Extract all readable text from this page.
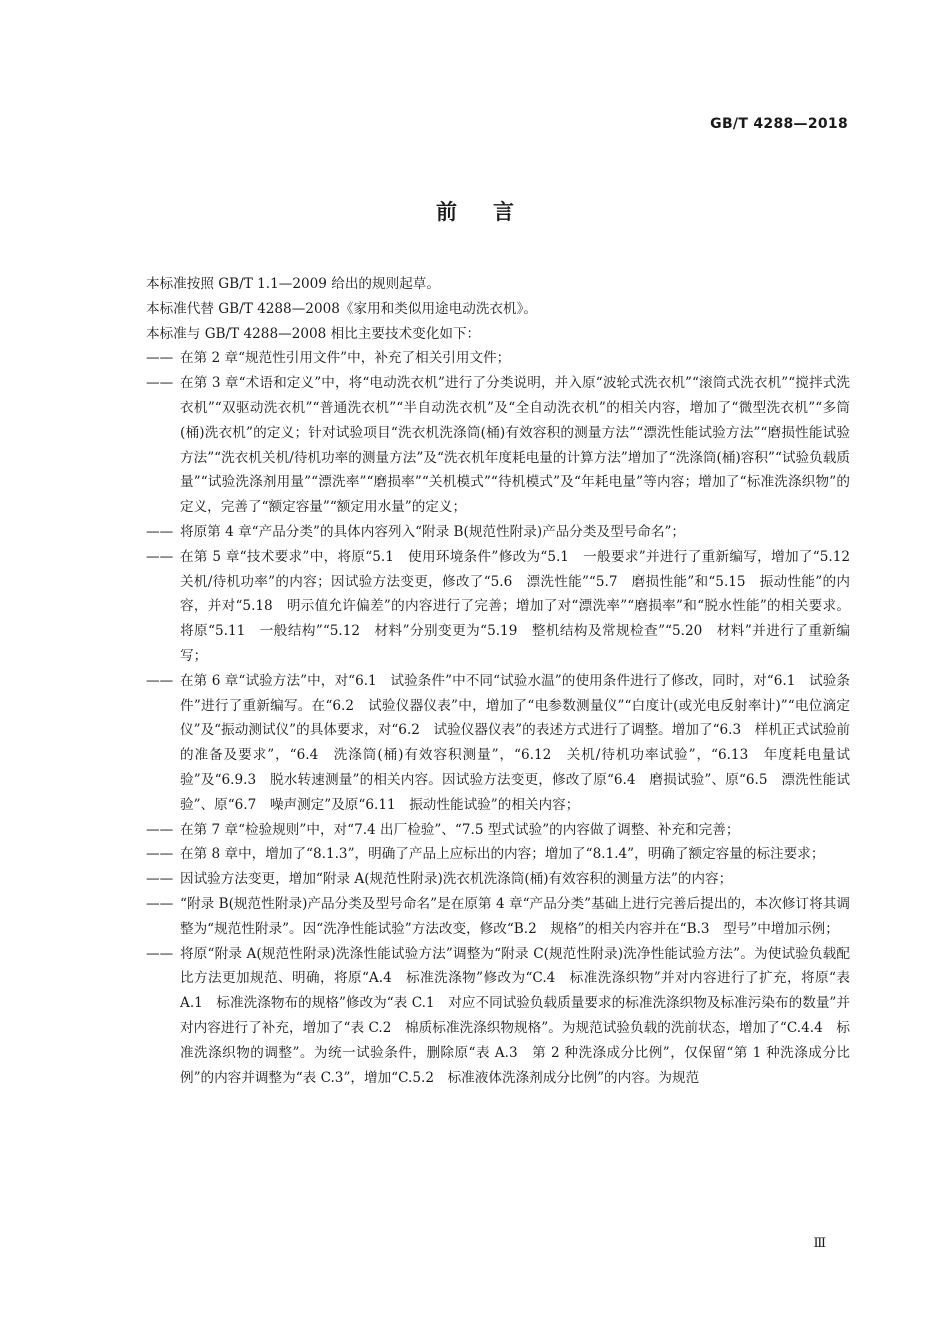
GB/T 4288—2018
前言

本标准按照 GB/T 1.1—2009 给出的规则起草。

本标准代替 GB/T 4288—2008《家用和类似用途电动洗衣机》。

本标准与 GB/T 4288—2008 相比主要技术变化如下：

—— 在第 2 章“规范性引用文件”中，补充了相关引用文件；
—— 在第 3 章“术语和定义”中，将“电动洗衣机”进行了分类说明，并入原“波轮式洗衣机”“滚筒式洗衣机”“搅拌式洗衣机”“双驱动洗衣机”“普通洗衣机”“半自动洗衣机”及“全自动洗衣机”的相关内容，增加了“微型洗衣机”“多筒(桶)洗衣机”的定义；针对试验项目“洗衣机洗涤筒(桶)有效容积的测量方法”“漂洗性能试验方法”“磨损性能试验方法”“洗衣机关机/待机功率的测量方法”及“洗衣机年度耗电量的计算方法”增加了“洗涤筒(桶)容积”“试验负载质量”“试验洗涤剂用量”“漂洗率”“磨损率”“关机模式”“待机模式”及“年耗电量”等内容；增加了“标准洗涤织物”的定义，完善了“额定容量”“额定用水量”的定义；
—— 将原第 4 章“产品分类”的具体内容列入“附录 B(规范性附录)产品分类及型号命名”；
—— 在第 5 章“技术要求”中，将原“5.1　使用环境条件”修改为“5.1　一般要求”并进行了重新编写，增加了“5.12　关机/待机功率”的内容；因试验方法变更，修改了“5.6　漂洗性能”“5.7　磨损性能”和“5.15　振动性能”的内容，并对“5.18　明示值允许偏差”的内容进行了完善；增加了对“漂洗率”“磨损率”和“脱水性能”的相关要求。将原“5.11　一般结构”“5.12　材料”分别变更为“5.19　整机结构及常规检查”“5.20　材料”并进行了重新编写；
—— 在第 6 章“试验方法”中，对“6.1　试验条件”中不同“试验水温”的使用条件进行了修改，同时，对“6.1　试验条件”进行了重新编写。在“6.2　试验仪器仪表”中，增加了“电参数测量仪”“白度计(或光电反射率计)”“电位滴定仪”及“振动测试仪”的具体要求，对“6.2　试验仪器仪表”的表述方式进行了调整。增加了“6.3　样机正式试验前的准备及要求”，“6.4　洗涤筒(桶)有效容积测量”，“6.12　关机/待机功率试验”，“6.13　年度耗电量试验”及“6.9.3　脱水转速测量”的相关内容。因试验方法变更，修改了原“6.4　磨损试验”、原“6.5　漂洗性能试验”、原“6.7　噪声测定”及原“6.11　振动性能试验”的相关内容；
—— 在第 7 章“检验规则”中，对“7.4 出厂检验”、“7.5 型式试验”的内容做了调整、补充和完善；
—— 在第 8 章中，增加了“8.1.3”，明确了产品上应标出的内容；增加了“8.1.4”，明确了额定容量的标注要求；
—— 因试验方法变更，增加“附录 A(规范性附录)洗衣机洗涤筒(桶)有效容积的测量方法”的内容；
—— “附录 B(规范性附录)产品分类及型号命名”是在原第 4 章“产品分类”基础上进行完善后提出的，本次修订将其调整为“规范性附录”。因“洗净性能试验”方法改变，修改“B.2　规格”的相关内容并在“B.3　型号”中增加示例；
—— 将原“附录 A(规范性附录)洗涤性能试验方法”调整为“附录 C(规范性附录)洗净性能试验方法”。为使试验负载配比方法更加规范、明确，将原“A.4　标准洗涤物”修改为“C.4　标准洗涤织物”并对内容进行了扩充，将原“表 A.1　标准洗涤物布的规格”修改为“表 C.1　对应不同试验负载质量要求的标准洗涤织物及标准污染布的数量”并对内容进行了补充，增加了“表 C.2　棉质标准洗涤织物规格”。为规范试验负载的洗前状态，增加了“C.4.4　标准洗涤织物的调整”。为统一试验条件，删除原“表 A.3　第 2 种洗涤成分比例”，仅保留“第 1 种洗涤成分比例”的内容并调整为“表 C.3”，增加“C.5.2　标准液体洗涤剂成分比例”的内容。为规范
Ⅲ
